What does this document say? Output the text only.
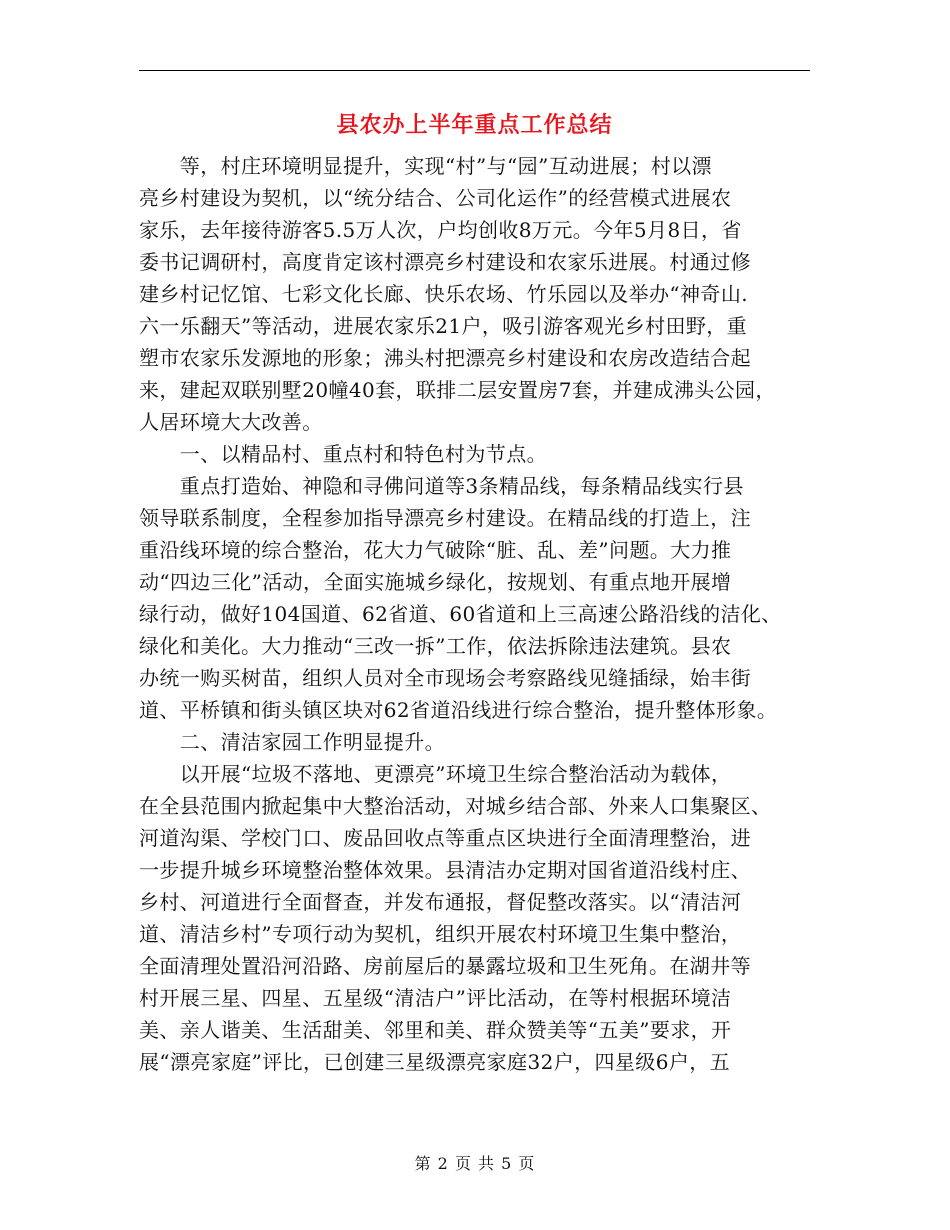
县农办上半年重点工作总结
　　等，村庄环境明显提升，实现“村”与“园”互动进展；村以漂
亮乡村建设为契机，以“统分结合、公司化运作”的经营模式进展农
家乐，去年接待游客5.5万人次，户均创收8万元。今年5月8日，省
委书记调研村，高度肯定该村漂亮乡村建设和农家乐进展。村通过修
建乡村记忆馆、七彩文化长廊、快乐农场、竹乐园以及举办“神奇山.
六一乐翻天”等活动，进展农家乐21户，吸引游客观光乡村田野，重
塑市农家乐发源地的形象；沸头村把漂亮乡村建设和农房改造结合起
来，建起双联别墅20幢40套，联排二层安置房7套，并建成沸头公园，
人居环境大大改善。
　　一、以精品村、重点村和特色村为节点。
　　重点打造始、神隐和寻佛问道等3条精品线，每条精品线实行县
领导联系制度，全程参加指导漂亮乡村建设。在精品线的打造上，注
重沿线环境的综合整治，花大力气破除“脏、乱、差”问题。大力推
动“四边三化”活动，全面实施城乡绿化，按规划、有重点地开展增
绿行动，做好104国道、62省道、60省道和上三高速公路沿线的洁化、
绿化和美化。大力推动“三改一拆”工作，依法拆除违法建筑。县农
办统一购买树苗，组织人员对全市现场会考察路线见缝插绿，始丰街
道、平桥镇和街头镇区块对62省道沿线进行综合整治，提升整体形象。
　　二、清洁家园工作明显提升。
　　以开展“垃圾不落地、更漂亮”环境卫生综合整治活动为载体，
在全县范围内掀起集中大整治活动，对城乡结合部、外来人口集聚区、
河道沟渠、学校门口、废品回收点等重点区块进行全面清理整治，进
一步提升城乡环境整治整体效果。县清洁办定期对国省道沿线村庄、
乡村、河道进行全面督查，并发布通报，督促整改落实。以“清洁河
道、清洁乡村”专项行动为契机，组织开展农村环境卫生集中整治，
全面清理处置沿河沿路、房前屋后的暴露垃圾和卫生死角。在湖井等
村开展三星、四星、五星级“清洁户”评比活动，在等村根据环境洁
美、亲人谐美、生活甜美、邻里和美、群众赞美等“五美”要求，开
展“漂亮家庭”评比，已创建三星级漂亮家庭32户，四星级6户，五
第 2 页 共 5 页
